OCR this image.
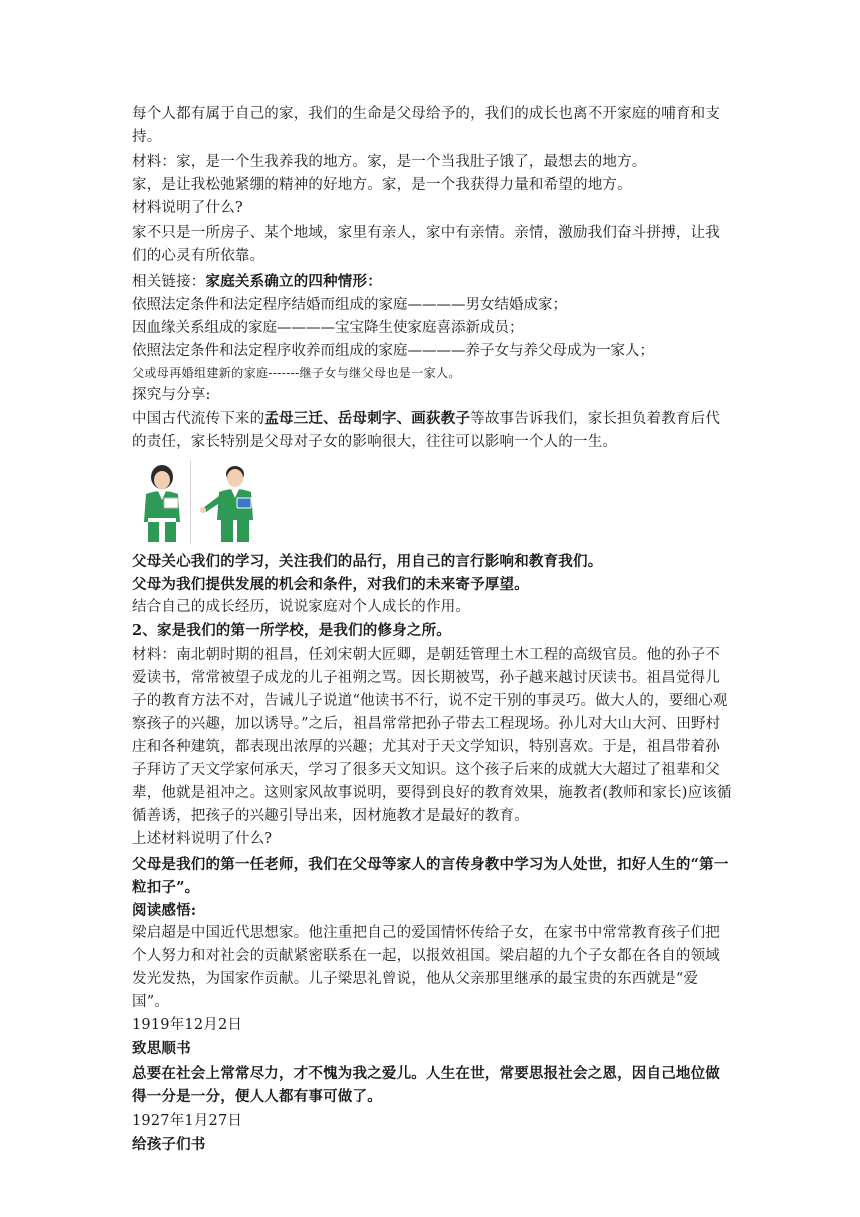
每个人都有属于自己的家，我们的生命是父母给予的，我们的成长也离不开家庭的哺育和支持。

材料：家，是一个生我养我的地方。家，是一个当我肚子饿了，最想去的地方。

家，是让我松弛紧绷的精神的好地方。家，是一个我获得力量和希望的地方。

材料说明了什么?

家不只是一所房子、某个地域，家里有亲人，家中有亲情。亲情，激励我们奋斗拼搏，让我们的心灵有所依靠。

相关链接：家庭关系确立的四种情形：

依照法定条件和法定程序结婚而组成的家庭————男女结婚成家；

因血缘关系组成的家庭————宝宝降生使家庭喜添新成员；

依照法定条件和法定程序收养而组成的家庭————养子女与养父母成为一家人；

父或母再婚组建新的家庭-------继子女与继父母也是一家人。

探究与分享:

中国古代流传下来的孟母三迁、岳母刺字、画荻教子等故事告诉我们，家长担负着教育后代的责任，家长特别是父母对子女的影响很大，往往可以影响一个人的一生。

父母关心我们的学习，关注我们的品行，用自己的言行影响和教育我们。

父母为我们提供发展的机会和条件，对我们的未来寄予厚望。

结合自己的成长经历，说说家庭对个人成长的作用。

2、家是我们的第一所学校，是我们的修身之所。

材料：南北朝时期的祖昌，任刘宋朝大匠卿，是朝廷管理土木工程的高级官员。他的孙子不爱读书，常常被望子成龙的儿子祖朔之骂。因长期被骂，孙子越来越讨厌读书。祖昌觉得儿子的教育方法不对，告诫儿子说道“他读书不行，说不定干别的事灵巧。做大人的，要细心观察孩子的兴趣，加以诱导。”之后，祖昌常常把孙子带去工程现场。孙儿对大山大河、田野村庄和各种建筑，都表现出浓厚的兴趣；尤其对于天文学知识，特别喜欢。于是，祖昌带着孙子拜访了天文学家何承天，学习了很多天文知识。这个孩子后来的成就大大超过了祖辈和父辈，他就是祖冲之。这则家风故事说明，要得到良好的教育效果，施教者(教师和家长)应该循循善诱，把孩子的兴趣引导出来，因材施教才是最好的教育。

上述材料说明了什么?

父母是我们的第一任老师，我们在父母等家人的言传身教中学习为人处世，扣好人生的“第一粒扣子”。

阅读感悟:

梁启超是中国近代思想家。他注重把自己的爱国情怀传给子女，在家书中常常教育孩子们把个人努力和对社会的贡献紧密联系在一起，以报效祖国。梁启超的九个子女都在各自的领域发光发热，为国家作贡献。儿子梁思礼曾说，他从父亲那里继承的最宝贵的东西就是“爱国”。

1919年12月2日

致思顺书

总要在社会上常常尽力，才不愧为我之爱儿。人生在世，常要思报社会之恩，因自己地位做得一分是一分，便人人都有事可做了。

1927年1月27日

给孩子们书
